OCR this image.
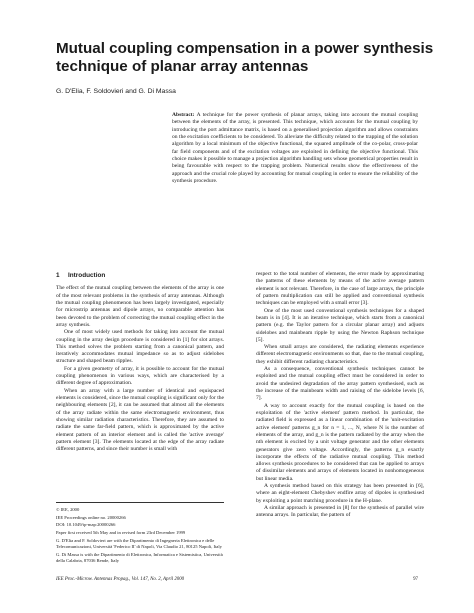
Mutual coupling compensation in a power synthesis technique of planar array antennas
G. D'Elia, F. Soldovieri and G. Di Massa

Abstract: A technique for the power synthesis of planar arrays, taking into account the mutual coupling between the elements of the array, is presented. This technique, which accounts for the mutual coupling by introducing the port admittance matrix, is based on a generalised projection algorithm and allows constraints on the excitation coefficients to be considered. To alleviate the difficulty related to the trapping of the solution algorithm by a local minimum of the objective functional, the squared amplitude of the co-polar, cross-polar far field components and of the excitation voltages are exploited in defining the objective functional. This choice makes it possible to manage a projection algorithm handling sets whose geometrical properties result in being favourable with respect to the trapping problem. Numerical results show the effectiveness of the approach and the crucial role played by accounting for mutual coupling in order to ensure the reliability of the synthesis procedure.

1 Introduction

The effect of the mutual coupling between the elements of the array is one of the most relevant problems in the synthesis of array antennas. Although the mutual coupling phenomenon has been largely investigated, especially for microstrip antennas and dipole arrays, no comparable attention has been devoted to the problem of correcting the mutual coupling effect in the array synthesis.

One of most widely used methods for taking into account the mutual coupling in the array design procedure is considered in [1] for slot arrays. This method solves the problem starting from a canonical pattern, and iteratively accommodates mutual impedance so as to adjust sidelobes structure and shaped beam ripples.

For a given geometry of array, it is possible to account for the mutual coupling phenomenon in various ways, which are characterised by a different degree of approximation.

When an array with a large number of identical and equispaced elements is considered, since the mutual coupling is significant only for the neighbouring elements [2], it can be assumed that almost all the elements of the array radiate within the same electromagnetic environment, thus showing similar radiation characteristics. Therefore, they are assumed to radiate the same far-field pattern, which is approximated by the active element pattern of an interior element and is called the 'active average' pattern element [3]. The elements located at the edge of the array radiate different patterns, and since their number is small with

© IEE, 2000
IEE Proceedings online no. 20000266
DOI: 10.1049/ip-map:20000266
Paper first received 5th May and in revised form 23rd December 1999
G. D'Elia and F. Soldovieri are with the Dipartimento di Ingegneria Elettronica e delle Telecomunicazioni, Università 'Federico II' di Napoli, Via Claudio 21, 80125 Napoli, Italy
G. Di Massa is with the Dipartimento di Elettronica, Informatica e Sistemistica, Università della Calabria, 87036 Rende, Italy

respect to the total number of elements, the error made by approximating the patterns of these elements by means of the active average pattern element is not relevant. Therefore, in the case of large arrays, the principle of pattern multiplication can still be applied and conventional synthesis techniques can be employed with a small error [3].

One of the most used conventional synthesis techniques for a shaped beam is in [4]. It is an iterative technique, which starts from a canonical pattern (e.g. the Taylor pattern for a circular planar array) and adjusts sidelobes and mainbeam ripple by using the Newton Raphson technique [5].

When small arrays are considered, the radiating elements experience different electromagnetic environments so that, due to the mutual coupling, they exhibit different radiating characteristics.

As a consequence, conventional synthesis techniques cannot be exploited and the mutual coupling effect must be considered in order to avoid the undesired degradation of the array pattern synthesised, such as the increase of the mainbeam width and raising of the sidelobe levels [6, 7].

A way to account exactly for the mutual coupling is based on the exploitation of the 'active element' pattern method. In particular, the radiated field is expressed as a linear combination of the 'unit-excitation active element' patterns g_n for n = 1, ..., N, where N is the number of elements of the array, and g_n is the pattern radiated by the array when the nth element is excited by a unit voltage generator and the other elements generators give zero voltage. Accordingly, the patterns g_n exactly incorporate the effects of the radiative mutual coupling. This method allows synthesis procedures to be considered that can be applied to arrays of dissimilar elements and arrays of elements located in nonhomogeneous but linear media.

A synthesis method based on this strategy has been presented in [6], where an eight-element Chebyshev endfire array of dipoles is synthesised by exploiting a point matching procedure in the H-plane.

A similar approach is presented in [8] for the synthesis of parallel wire antenna arrays. In particular, the pattern of

IEE Proc.-Microw. Antennas Propag., Vol. 147, No. 2, April 2000	97
